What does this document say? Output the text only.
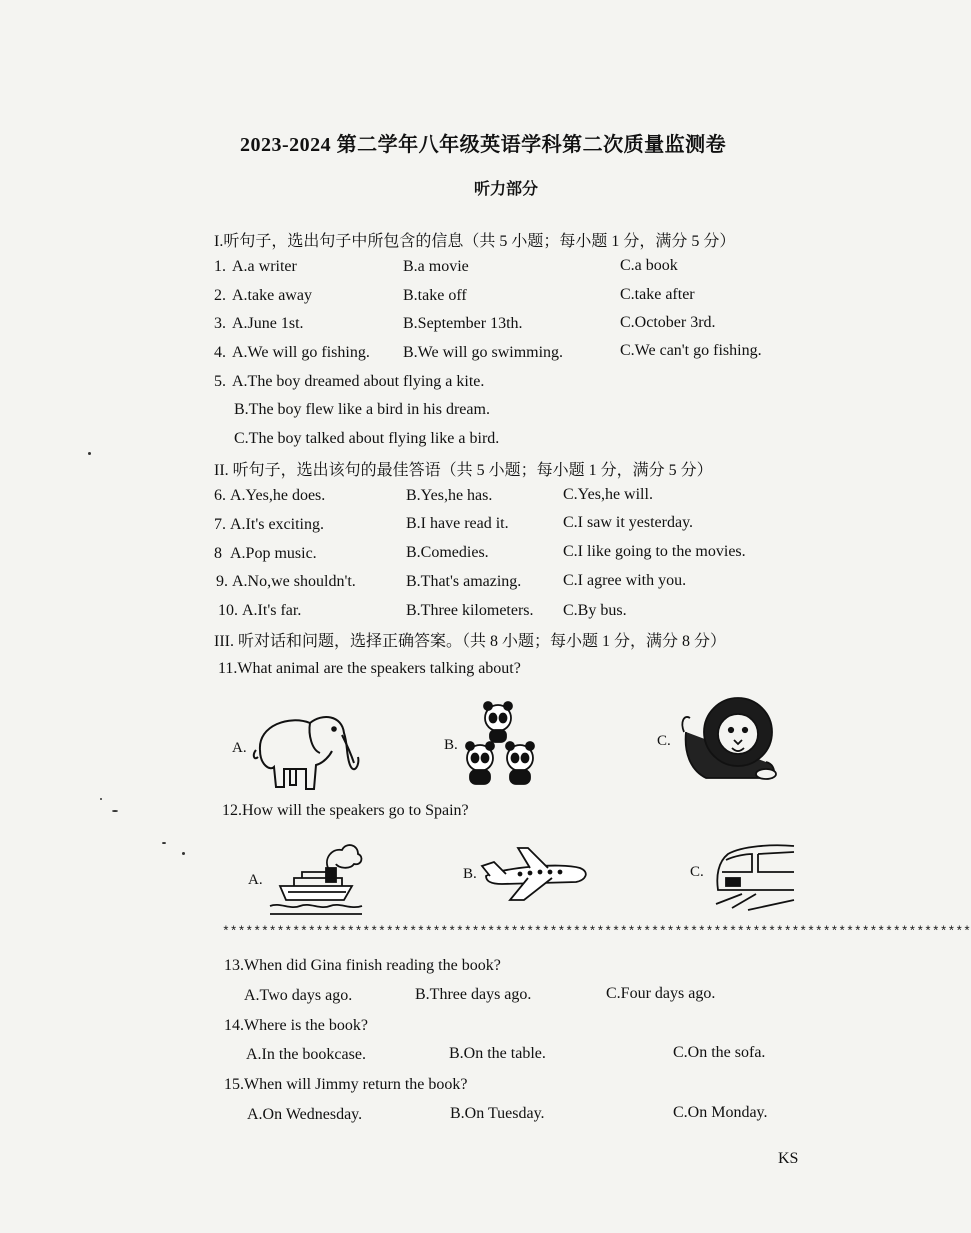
2023-2024 第二学年八年级英语学科第二次质量监测卷
听力部分
I.听句子，选出句子中所包含的信息（共 5 小题；每小题 1 分，满分 5 分）
1. A.a writer	B.a movie	C.a book
2. A.take away	B.take off	C.take after
3. A.June 1st.	B.September 13th.	C.October 3rd.
4. A.We will go fishing. B.We will go swimming.	C.We can't go fishing.
5. A.The boy dreamed about flying a kite.
B.The boy flew like a bird in his dream.
C.The boy talked about flying like a bird.
II. 听句子，选出该句的最佳答语（共 5 小题；每小题 1 分，满分 5 分）
6. A.Yes,he does.	B.Yes,he has.	C.Yes,he will.
7. A.It's exciting.	B.I have read it.	C.I saw it yesterday.
8 A.Pop music.	B.Comedies.	C.I like going to the movies.
9. A.No,we shouldn't.	B.That's amazing.	C.I agree with you.
10. A.It's far.	B.Three kilometers. C.By bus.
III. 听对话和问题，选择正确答案。（共 8 小题；每小题 1 分，满分 8 分）
11.What animal are the speakers talking about?
A.	B.	C.
12.How will the speakers go to Spain?
A.	B.	C.
************************************************************************************************
13.When did Gina finish reading the book?
A.Two days ago.	B.Three days ago.	C.Four days ago.
14.Where is the book?
A.In the bookcase.	B.On the table.	C.On the sofa.
15.When will Jimmy return the book?
A.On Wednesday.	B.On Tuesday.	C.On Monday.
KS
